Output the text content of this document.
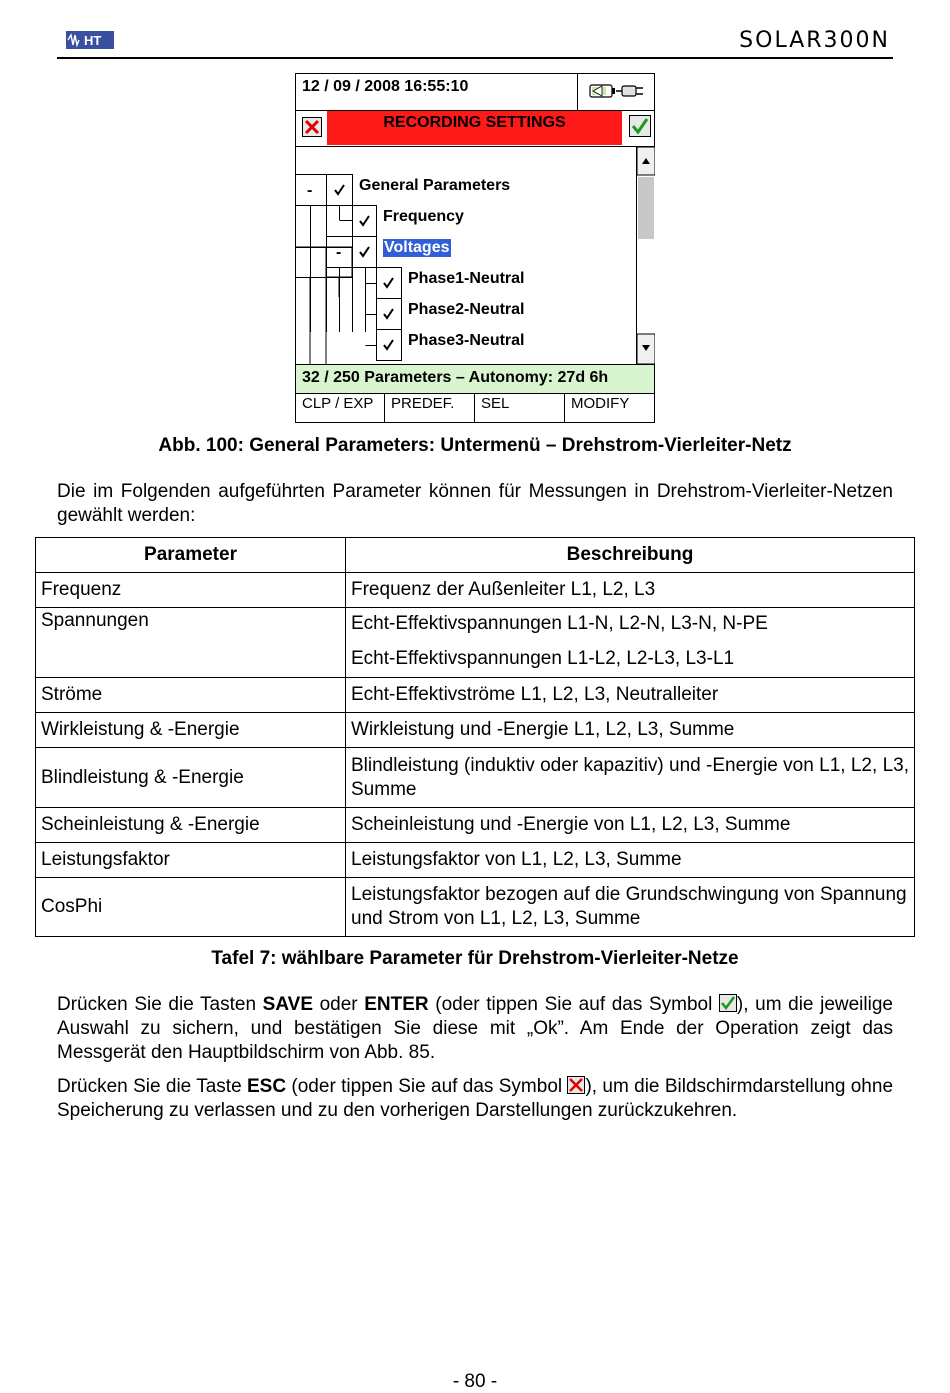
HT	SOLAR300N
12 / 09 / 2008 16:55:10
RECORDING SETTINGS
-
-
General Parameters
Frequency
Voltages
Phase1-Neutral
Phase2-Neutral
Phase3-Neutral
32 / 250 Parameters – Autonomy: 27d 6h
CLP / EXP	PREDEF.	SEL	MODIFY
Abb. 100: General Parameters: Untermenü – Drehstrom-Vierleiter-Netz
Die im Folgenden aufgeführten Parameter können für Messungen in Drehstrom-Vierleiter-Netzen gewählt werden:
Parameter	Beschreibung
Frequenz	Frequenz der Außenleiter L1, L2, L3
Spannungen	Echt-Effektivspannungen L1-N, L2-N, L3-N, N-PE
Echt-Effektivspannungen L1-L2, L2-L3, L3-L1

Ströme	Echt-Effektivströme L1, L2, L3, Neutralleiter
Wirkleistung & -Energie	Wirkleistung und -Energie L1, L2, L3, Summe
Blindleistung & -Energie	Blindleistung (induktiv oder kapazitiv) und -Energie von L1, L2, L3, Summe
Scheinleistung & -Energie	Scheinleistung und -Energie von L1, L2, L3, Summe
Leistungsfaktor	Leistungsfaktor von L1, L2, L3, Summe
CosPhi	Leistungsfaktor bezogen auf die Grundschwingung von Spannung und Strom von L1, L2, L3, Summe
Tafel 7: wählbare Parameter für Drehstrom-Vierleiter-Netze
Drücken Sie die Tasten SAVE oder ENTER (oder tippen Sie auf das Symbol ), um die jeweilige Auswahl zu sichern, und bestätigen Sie diese mit „Ok”. Am Ende der Operation zeigt das Messgerät den Hauptbildschirm von Abb. 85.
Drücken Sie die Taste ESC (oder tippen Sie auf das Symbol ), um die Bildschirmdarstellung ohne Speicherung zu verlassen und zu den vorherigen Darstellungen zurückzukehren.
- 80 -
